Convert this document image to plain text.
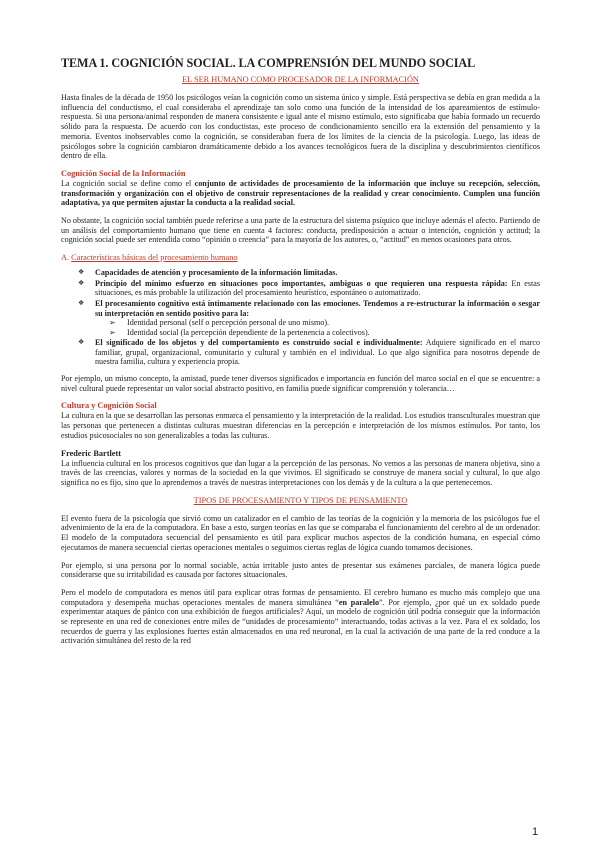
TEMA 1. COGNICIÓN SOCIAL. LA COMPRENSIÓN DEL MUNDO SOCIAL
EL SER HUMANO COMO PROCESADOR DE LA INFORMACIÓN

Hasta finales de la década de 1950 los psicólogos veían la cognición como un sistema único y simple. Está perspectiva se debía en gran medida a la influencia del conductismo, el cual consideraba el aprendizaje tan solo como una función de la intensidad de los apareamientos de estímulo-respuesta. Si una persona/animal responden de manera consistente e igual ante el mismo estímulo, esto significaba que había formado un recuerdo sólido para la respuesta. De acuerdo con los conductistas, este proceso de condicionamiento sencillo era la extensión del pensamiento y la memoria. Eventos inobservables como la cognición, se consideraban fuera de los límites de la ciencia de la psicología. Luego, las ideas de psicólogos sobre la cognición cambiaron dramáticamente debido a los avances tecnológicos fuera de la disciplina y descubrimientos científicos dentro de ella.

Cognición Social de la Información

La cognición social se define como el conjunto de actividades de procesamiento de la información que incluye su recepción, selección, transformación y organización con el objetivo de construir representaciones de la realidad y crear conocimiento. Cumplen una función adaptativa, ya que permiten ajustar la conducta a la realidad social.

No obstante, la cognición social también puede referirse a una parte de la estructura del sistema psíquico que incluye además el afecto. Partiendo de un análisis del comportamiento humano que tiene en cuenta 4 factores: conducta, predisposición a actuar o intención, cognición y actitud; la cognición social puede ser entendida como “opinión o creencia” para la mayoría de los autores, o, “actitud” en menos ocasiones para otros.

A. Características básicas del procesamiento humano
❖ Capacidades de atención y procesamiento de la información limitadas.
❖ Principio del mínimo esfuerzo en situaciones poco importantes, ambiguas o que requieren una respuesta rápida: En estas situaciones, es más probable la utilización del procesamiento heurístico, espontáneo o automatizado.
❖ El procesamiento cognitivo está íntimamente relacionado con las emociones. Tendemos a re-estructurar la información o sesgar su interpretación en sentido positivo para la:
➢ Identidad personal (self o percepción personal de uno mismo).
➢ Identidad social (la percepción dependiente de la pertenencia a colectivos).
❖ El significado de los objetos y del comportamiento es construido social e individualmente: Adquiere significado en el marco familiar, grupal, organizacional, comunitario y cultural y también en el individual. Lo que algo significa para nosotros depende de nuestra familia, cultura y experiencia propia.

Por ejemplo, un mismo concepto, la amistad, puede tener diversos significados e importancia en función del marco social en el que se encuentre: a nivel cultural puede representar un valor social abstracto positivo, en familia puede significar comprensión y tolerancia…

Cultura y Cognición Social

La cultura en la que se desarrollan las personas enmarca el pensamiento y la interpretación de la realidad. Los estudios transculturales muestran que las personas que pertenecen a distintas culturas muestran diferencias en la percepción e interpretación de los mismos estímulos. Por tanto, los estudios psicosociales no son generalizables a todas las culturas.

Frederic Bartlett

La influencia cultural en los procesos cognitivos que dan lugar a la percepción de las personas. No vemos a las personas de manera objetiva, sino a través de las creencias, valores y normas de la sociedad en la que vivimos. El significado se construye de manera social y cultural, lo que algo significa no es fijo, sino que lo aprendemos a través de nuestras interpretaciones con los demás y de la cultura a la que pertenecemos.

TIPOS DE PROCESAMIENTO Y TIPOS DE PENSAMIENTO

El evento fuera de la psicología que sirvió como un catalizador en el cambio de las teorías de la cognición y la memoria de los psicólogos fue el advenimiento de la era de la computadora. En base a esto, surgen teorías en las que se comparaba el funcionamiento del cerebro al de un ordenador. El modelo de la computadora secuencial del pensamiento es útil para explicar muchos aspectos de la condición humana, en especial cómo ejecutamos de manera secuencial ciertas operaciones mentales o seguimos ciertas reglas de lógica cuando tomamos decisiones.

Por ejemplo, si una persona por lo normal sociable, actúa irritable justo antes de presentar sus exámenes parciales, de manera lógica puede considerarse que su irritabilidad es causada por factores situacionales.

Pero el modelo de computadora es menos útil para explicar otras formas de pensamiento. El cerebro humano es mucho más complejo que una computadora y desempeña muchas operaciones mentales de manera simultánea “en paralelo”. Por ejemplo, ¿por qué un ex soldado puede experimentar ataques de pánico con una exhibición de fuegos artificiales? Aquí, un modelo de cognición útil podría conseguir que la información se represente en una red de conexiones entre miles de “unidades de procesamiento” interactuando, todas activas a la vez. Para el ex soldado, los recuerdos de guerra y las explosiones fuertes están almacenados en una red neuronal, en la cual la activación de una parte de la red conduce a la activación simultánea del resto de la red

1
